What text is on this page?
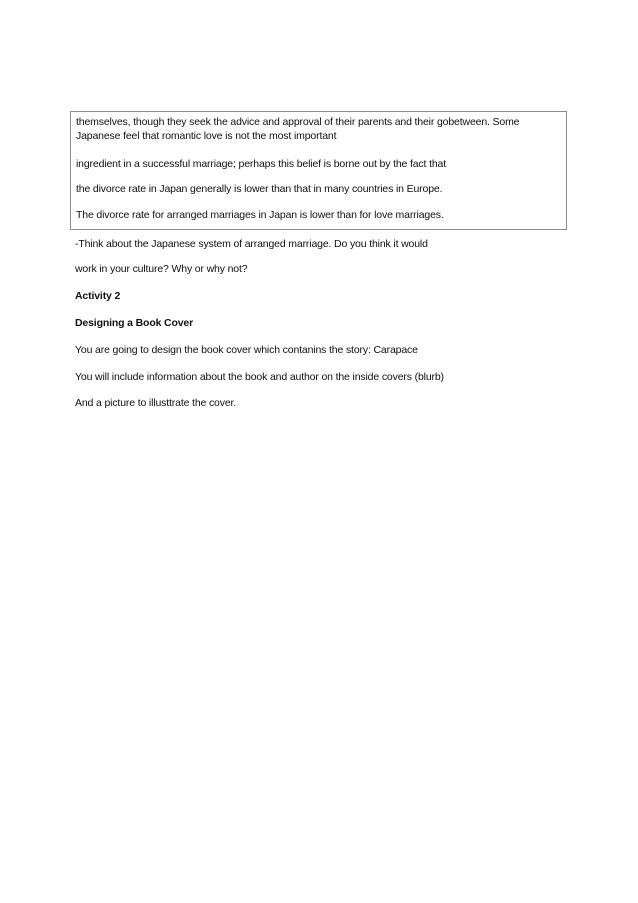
themselves, though they seek the advice and approval of their parents and their gobetween. Some
Japanese feel that romantic love is not the most important
ingredient in a successful marriage; perhaps this belief is borne out by the fact that
the divorce rate in Japan generally is lower than that in many countries in Europe.
The divorce rate for arranged marriages in Japan is lower than for love marriages.
-Think about the Japanese system of arranged marriage. Do you think it would
work in your culture? Why or why not?
Activity 2
Designing a Book Cover
You are going to design the book cover which contanins the story: Carapace
You will include information about the book and author on the inside covers (blurb)
And a picture to illusttrate the cover.
